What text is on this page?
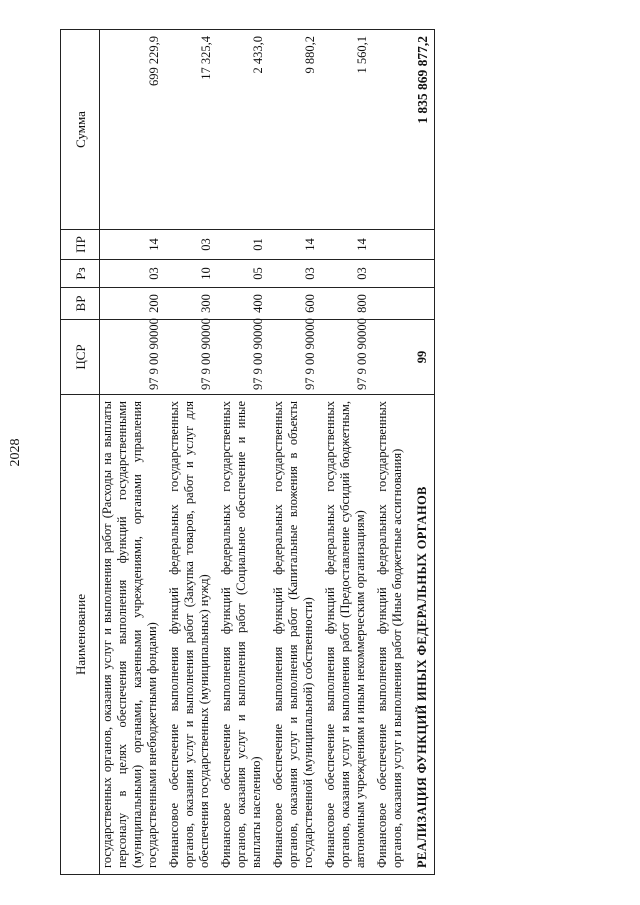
2028
Наименование	ЦСР	ВР	Рз	ПР	Сумма
государственных органов, оказания услуг и выполнения работ (Расходы на выплаты персоналу в целях обеспечения выполнения функций государственными (муниципальными) органами, казенными учреждениями, органами управления государственными внебюджетными фондами)	97 9 00 90000	200	03	14	699 229,9
Финансовое обеспечение выполнения функций федеральных государственных органов, оказания услуг и выполнения работ (Закупка товаров, работ и услуг для обеспечения государственных (муниципальных) нужд)	97 9 00 90000	300	10	03	17 325,4
Финансовое обеспечение выполнения функций федеральных государственных органов, оказания услуг и выполнения работ (Социальное обеспечение и иные выплаты населению)	97 9 00 90000	400	05	01	2 433,0
Финансовое обеспечение выполнения функций федеральных государственных органов, оказания услуг и выполнения работ (Капитальные вложения в объекты государственной (муниципальной) собственности)	97 9 00 90000	600	03	14	9 880,2
Финансовое обеспечение выполнения функций федеральных государственных органов, оказания услуг и выполнения работ (Предоставление субсидий бюджетным, автономным учреждениям и иным некоммерческим организациям)	97 9 00 90000	800	03	14	1 560,1
Финансовое обеспечение выполнения функций федеральных государственных органов, оказания услуг и выполнения работ (Иные бюджетные ассигнования)					
РЕАЛИЗАЦИЯ ФУНКЦИЙ ИНЫХ ФЕДЕРАЛЬНЫХ ОРГАНОВ	99				1 835 869 877,2
